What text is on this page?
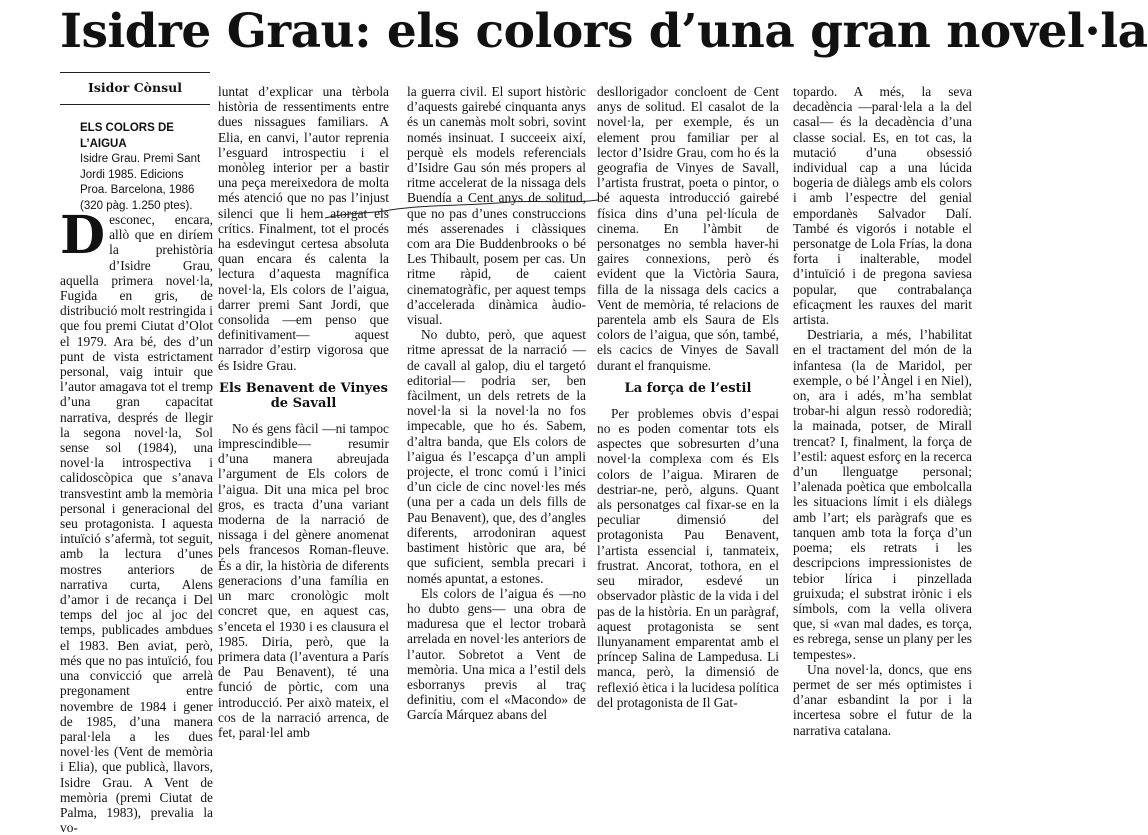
Isidre Grau: els colors d’una gran novel·la
Isidor Cònsul
ELS COLORS DE L’AIGUA
Isidre Grau. Premi Sant Jordi 1985. Edicions Proa. Barcelona, 1986 (320 pàg. 1.250 ptes).

Desconec, encara, allò que en diríem la prehistòria d’Isidre Grau, aquella primera novel·la, Fugida en gris, de distribució molt restringida i que fou premi Ciutat d’Olot el 1979. Ara bé, des d’un punt de vista estrictament personal, vaig intuir que l’autor amagava tot el tremp d’una gran capacitat narrativa, després de llegir la segona novel·la, Sol sense sol (1984), una novel·la introspectiva i calidoscòpica que s’anava transvestint amb la memòria personal i generacional del seu protagonista. I aquesta intuïció s’afermà, tot seguit, amb la lectura d’unes mostres anteriors de narrativa curta, Alens d’amor i de recança i Del temps del joc al joc del temps, publicades ambdues el 1983. Ben aviat, però, més que no pas intuïció, fou una convicció que arrelà pregonament entre novembre de 1984 i gener de 1985, d’una manera paral·lela a les dues novel·les (Vent de memòria i Elia), que publicà, llavors, Isidre Grau. A Vent de memòria (premi Ciutat de Palma, 1983), prevalia la vo-

luntat d’explicar una tèrbola història de ressentiments entre dues nissagues familiars. A Elia, en canvi, l’autor reprenia l’esguard introspectiu i el monòleg interior per a bastir una peça mereixedora de molta més atenció que no pas l’injust silenci que li hem atorgat els crítics. Finalment, tot el procés ha esdevingut certesa absoluta quan encara és calenta la lectura d’aquesta magnífica novel·la, Els colors de l’aigua, darrer premi Sant Jordi, que consolida —em penso que definitivament— aquest narrador d’estirp vigorosa que és Isidre Grau.

Els Benavent de Vinyes de Savall

No és gens fàcil —ni tampoc imprescindible— resumir d’una manera abreujada l’argument de Els colors de l’aigua. Dit una mica pel broc gros, es tracta d’una variant moderna de la narració de nissaga i del gènere anomenat pels francesos Roman-fleuve. És a dir, la història de diferents generacions d’una família en un marc cronològic molt concret que, en aquest cas, s’enceta el 1930 i es clausura el 1985. Diria, però, que la primera data (l’aventura a París de Pau Benavent), té una funció de pòrtic, com una introducció. Per això mateix, el cos de la narració arrenca, de fet, paral·lel amb

la guerra civil. El suport històric d’aquests gairebé cinquanta anys és un canemàs molt sobri, sovint només insinuat. I succeeix així, perquè els models referencials d’Isidre Gau són més propers al ritme accelerat de la nissaga dels Buendía a Cent anys de solitud, que no pas d’unes construccions més asserenades i clàssiques com ara Die Buddenbrooks o bé Les Thibault, posem per cas. Un ritme ràpid, de caient cinematogràfic, per aquest temps d’accelerada dinàmica àudio-visual.

No dubto, però, que aquest ritme apressat de la narració —de cavall al galop, diu el targetó editorial— podria ser, ben fàcilment, un dels retrets de la novel·la si la novel·la no fos impecable, que ho és. Sabem, d’altra banda, que Els colors de l’aigua és l’escapça d’un ampli projecte, el tronc comú i l’inici d’un cicle de cinc novel·les més (una per a cada un dels fills de Pau Benavent), que, des d’angles diferents, arrodoniran aquest bastiment històric que ara, bé que suficient, sembla precari i només apuntat, a estones.

Els colors de l’aigua és —no ho dubto gens— una obra de maduresa que el lector trobarà arrelada en novel·les anteriors de l’autor. Sobretot a Vent de memòria. Una mica a l’estil dels esborranys previs al traç definitiu, com el «Macondo» de García Márquez abans del

desllorigador concloent de Cent anys de solitud. El casalot de la novel·la, per exemple, és un element prou familiar per al lector d’Isidre Grau, com ho és la geografia de Vinyes de Savall, l’artista frustrat, poeta o pintor, o bé aquesta introducció gairebé física dins d’una pel·lícula de cinema. En l’àmbit de personatges no sembla haver-hi gaires connexions, però és evident que la Victòria Saura, filla de la nissaga dels cacics a Vent de memòria, té relacions de parentela amb els Saura de Els colors de l’aigua, que són, també, els cacics de Vinyes de Savall durant el franquisme.

La força de l’estil

Per problemes obvis d’espai no es poden comentar tots els aspectes que sobresurten d’una novel·la complexa com és Els colors de l’aigua. Miraren de destriar-ne, però, alguns. Quant als personatges cal fixar-se en la peculiar dimensió del protagonista Pau Benavent, l’artista essencial i, tanmateix, frustrat. Ancorat, tothora, en el seu mirador, esdevé un observador plàstic de la vida i del pas de la història. En un paràgraf, aquest protagonista se sent llunyanament emparentat amb el príncep Salina de Lampedusa. Li manca, però, la dimensió de reflexió ètica i la lucidesa política del protagonista de Il Gat-

topardo. A més, la seva decadència —paral·lela a la del casal— és la decadència d’una classe social. Es, en tot cas, la mutació d’una obsessió individual cap a una lúcida bogeria de diàlegs amb els colors i amb l’espectre del genial empordanès Salvador Dalí. També és vigorós i notable el personatge de Lola Frías, la dona forta i inalterable, model d’intuïció i de pregona saviesa popular, que contrabalança eficaçment les rauxes del marit artista.

Destriaria, a més, l’habilitat en el tractament del món de la infantesa (la de Maridol, per exemple, o bé l’Àngel i en Niel), on, ara i adés, m’ha semblat trobar-hi algun ressò rodoredià; la mainada, potser, de Mirall trencat? I, finalment, la força de l’estil: aquest esforç en la recerca d’un llenguatge personal; l’alenada poètica que embolcalla les situacions límit i els diàlegs amb l’art; els paràgrafs que es tanquen amb tota la força d’un poema; els retrats i les descripcions impressionistes de tebior lírica i pinzellada gruixuda; el substrat irònic i els símbols, com la vella olivera que, si «van mal dades, es torça, es rebrega, sense un plany per les tempestes».

Una novel·la, doncs, que ens permet de ser més optimistes i d’anar esbandint la por i la incertesa sobre el futur de la narrativa catalana.
